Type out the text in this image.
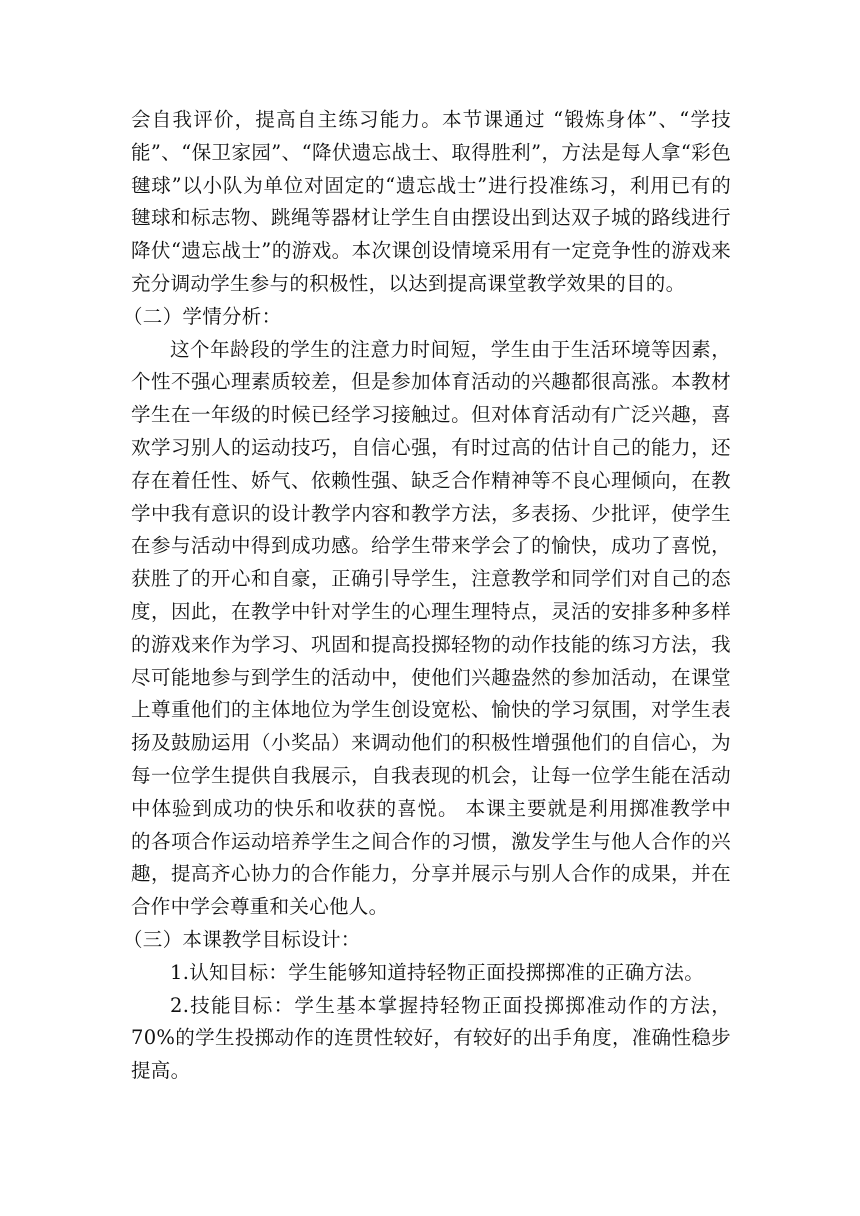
会自我评价，提高自主练习能力。本节课通过 “锻炼身体”、“学技能”、“保卫家园”、“降伏遗忘战士、取得胜利”，方法是每人拿“彩色毽球”以小队为单位对固定的“遗忘战士”进行投准练习，利用已有的毽球和标志物、跳绳等器材让学生自由摆设出到达双子城的路线进行降伏“遗忘战士”的游戏。本次课创设情境采用有一定竞争性的游戏来充分调动学生参与的积极性，以达到提高课堂教学效果的目的。

（二）学情分析：

这个年龄段的学生的注意力时间短，学生由于生活环境等因素，个性不强心理素质较差，但是参加体育活动的兴趣都很高涨。本教材学生在一年级的时候已经学习接触过。但对体育活动有广泛兴趣，喜欢学习别人的运动技巧，自信心强，有时过高的估计自己的能力，还存在着任性、娇气、依赖性强、缺乏合作精神等不良心理倾向，在教学中我有意识的设计教学内容和教学方法，多表扬、少批评，使学生在参与活动中得到成功感。给学生带来学会了的愉快，成功了喜悦，获胜了的开心和自豪，正确引导学生，注意教学和同学们对自己的态度，因此，在教学中针对学生的心理生理特点，灵活的安排多种多样的游戏来作为学习、巩固和提高投掷轻物的动作技能的练习方法，我尽可能地参与到学生的活动中，使他们兴趣盎然的参加活动，在课堂上尊重他们的主体地位为学生创设宽松、愉快的学习氛围，对学生表扬及鼓励运用（小奖品）来调动他们的积极性增强他们的自信心，为每一位学生提供自我展示，自我表现的机会，让每一位学生能在活动中体验到成功的快乐和收获的喜悦。 本课主要就是利用掷准教学中的各项合作运动培养学生之间合作的习惯，激发学生与他人合作的兴趣，提高齐心协力的合作能力，分享并展示与别人合作的成果，并在合作中学会尊重和关心他人。

（三）本课教学目标设计：

1.认知目标：学生能够知道持轻物正面投掷掷准的正确方法。

2.技能目标：学生基本掌握持轻物正面投掷掷准动作的方法，70%的学生投掷动作的连贯性较好，有较好的出手角度，准确性稳步提高。
